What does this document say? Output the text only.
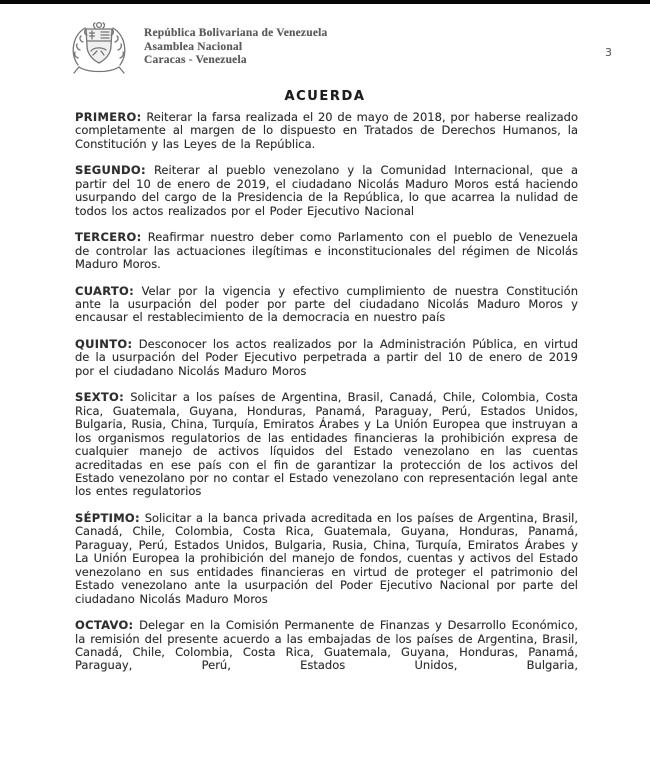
República Bolivariana de Venezuela
Asamblea Nacional
Caracas - Venezuela
3
ACUERDA

PRIMERO: Reiterar la farsa realizada el 20 de mayo de 2018, por haberse realizado completamente al margen de lo dispuesto en Tratados de Derechos Humanos, la Constitución y las Leyes de la República.

SEGUNDO: Reiterar al pueblo venezolano y la Comunidad Internacional, que a partir del 10 de enero de 2019, el ciudadano Nicolás Maduro Moros está haciendo usurpando del cargo de la Presidencia de la República, lo que acarrea la nulidad de todos los actos realizados por el Poder Ejecutivo Nacional

TERCERO: Reafirmar nuestro deber como Parlamento con el pueblo de Venezuela de controlar las actuaciones ilegítimas e inconstitucionales del régimen de Nicolás Maduro Moros.

CUARTO: Velar por la vigencia y efectivo cumplimiento de nuestra Constitución ante la usurpación del poder por parte del ciudadano Nicolás Maduro Moros y encausar el restablecimiento de la democracia en nuestro país

QUINTO: Desconocer los actos realizados por la Administración Pública, en virtud de la usurpación del Poder Ejecutivo perpetrada a partir del 10 de enero de 2019 por el ciudadano Nicolás Maduro Moros

SEXTO: Solicitar a los países de Argentina, Brasil, Canadá, Chile, Colombia, Costa Rica, Guatemala, Guyana, Honduras, Panamá, Paraguay, Perú, Estados Unidos, Bulgaria, Rusia, China, Turquía, Emiratos Árabes y La Unión Europea que instruyan a los organismos regulatorios de las entidades financieras la prohibición expresa de cualquier manejo de activos líquidos del Estado venezolano en las cuentas acreditadas en ese país con el fin de garantizar la protección de los activos del Estado venezolano por no contar el Estado venezolano con representación legal ante los entes regulatorios

SÉPTIMO: Solicitar a la banca privada acreditada en los países de Argentina, Brasil, Canadá, Chile, Colombia, Costa Rica, Guatemala, Guyana, Honduras, Panamá, Paraguay, Perú, Estados Unidos, Bulgaria, Rusia, China, Turquía, Emiratos Árabes y La Unión Europea la prohibición del manejo de fondos, cuentas y activos del Estado venezolano en sus entidades financieras en virtud de proteger el patrimonio del Estado venezolano ante la usurpación del Poder Ejecutivo Nacional por parte del ciudadano Nicolás Maduro Moros

OCTAVO: Delegar en la Comisión Permanente de Finanzas y Desarrollo Económico, la remisión del presente acuerdo a las embajadas de los países de Argentina, Brasil, Canadá, Chile, Colombia, Costa Rica, Guatemala, Guyana, Honduras, Panamá, Paraguay, Perú, Estados Unidos, Bulgaria,
